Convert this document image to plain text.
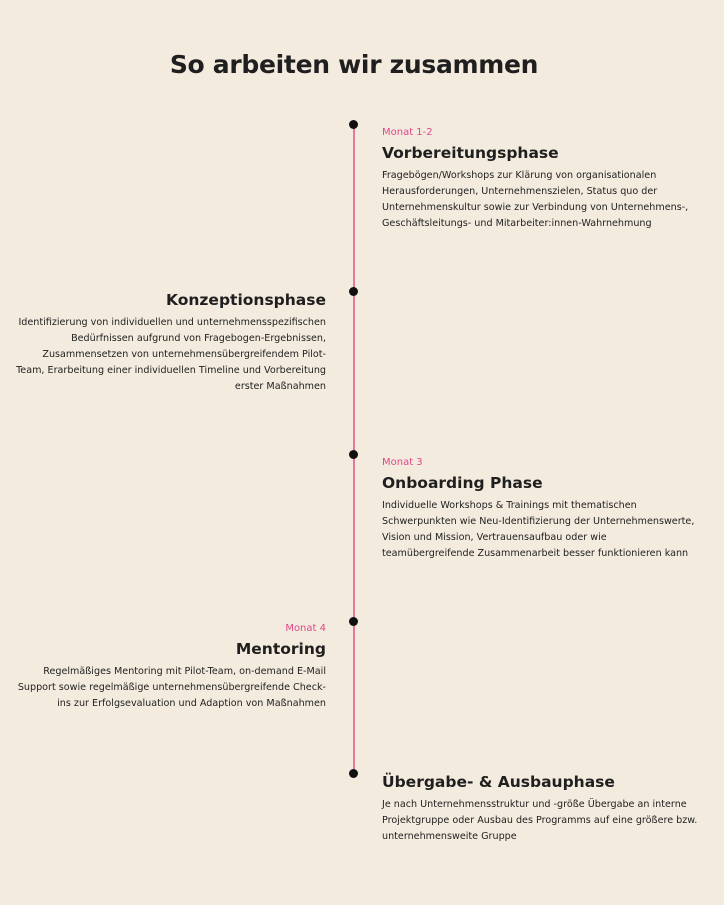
So arbeiten wir zusammen

Monat 1-2

Vorbereitungsphase

Fragebögen/Workshops zur Klärung von organisationalen Herausforderungen, Unternehmenszielen, Status quo der Unternehmenskultur sowie zur Verbindung von Unternehmens-, Geschäftsleitungs- und Mitarbeiter:innen-Wahrnehmung

Konzeptionsphase

Identifizierung von individuellen und unternehmensspezifischen Bedürfnissen aufgrund von Fragebogen-Ergebnissen, Zusammensetzen von unternehmensübergreifendem Pilot-Team, Erarbeitung einer individuellen Timeline und Vorbereitung erster Maßnahmen

Monat 3

Onboarding Phase

Individuelle Workshops & Trainings mit thematischen Schwerpunkten wie Neu-Identifizierung der Unternehmenswerte, Vision und Mission, Vertrauensaufbau oder wie teamübergreifende Zusammenarbeit besser funktionieren kann

Monat 4

Mentoring

Regelmäßiges Mentoring mit Pilot-Team, on-demand E-Mail Support sowie regelmäßige unternehmensübergreifende Check-ins zur Erfolgsevaluation und Adaption von Maßnahmen

Übergabe- & Ausbauphase

Je nach Unternehmensstruktur und -größe Übergabe an interne Projektgruppe oder Ausbau des Programms auf eine größere bzw. unternehmensweite Gruppe
